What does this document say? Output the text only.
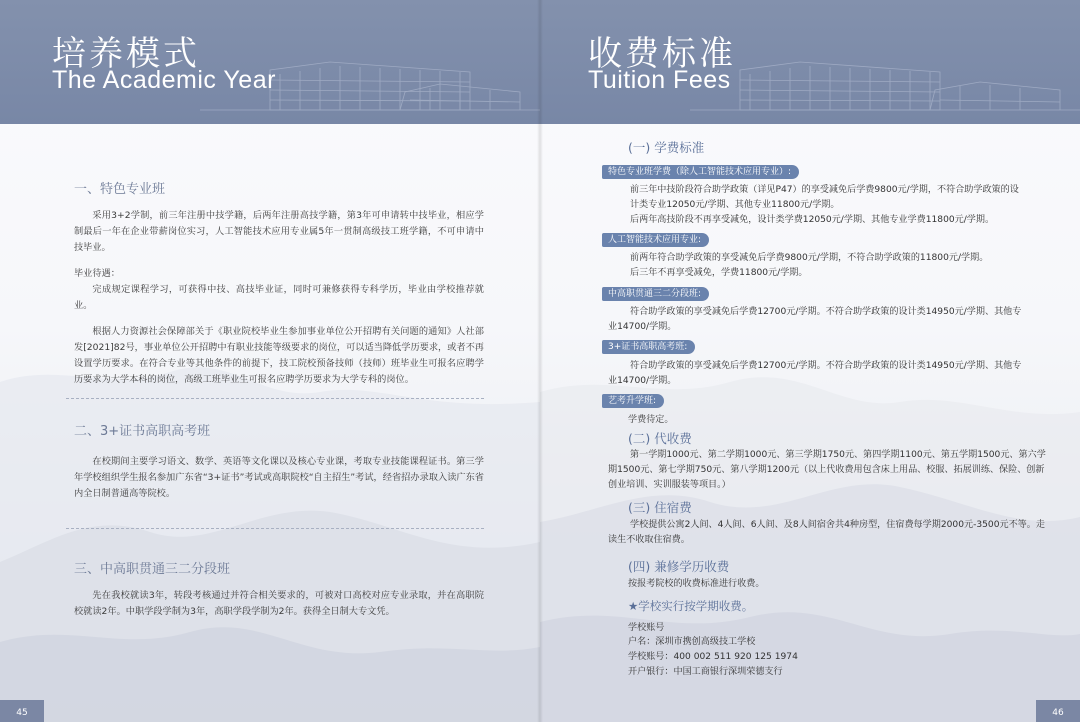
培养模式
The Academic Year
一、特色专业班
采用3+2学制，前三年注册中技学籍，后两年注册高技学籍，第3年可申请转中技毕业，相应学制最后一年在企业带薪岗位实习，人工智能技术应用专业属5年一贯制高级技工班学籍，不可申请中技毕业。
毕业待遇：
完成规定课程学习，可获得中技、高技毕业证，同时可兼修获得专科学历，毕业由学校推荐就业。
根据人力资源社会保障部关于《职业院校毕业生参加事业单位公开招聘有关问题的通知》人社部发[2021]82号，事业单位公开招聘中有职业技能等级要求的岗位，可以适当降低学历要求，或者不再设置学历要求。在符合专业等其他条件的前提下，技工院校预备技师（技师）班毕业生可报名应聘学历要求为大学本科的岗位，高级工班毕业生可报名应聘学历要求为大学专科的岗位。
二、3+证书高职高考班
在校期间主要学习语文、数学、英语等文化课以及核心专业课，考取专业技能课程证书。第三学年学校组织学生报名参加广东省“3+证书”考试或高职院校“自主招生”考试，经省招办录取入读广东省内全日制普通高等院校。
三、中高职贯通三二分段班
先在我校就读3年，转段考核通过并符合相关要求的，可被对口高校对应专业录取，并在高职院校就读2年。中职学段学制为3年，高职学段学制为2年。获得全日制大专文凭。
45
收费标准
Tuition Fees
(一) 学费标准
特色专业班学费（除人工智能技术应用专业）:
前三年中技阶段符合助学政策（详见P47）的享受减免后学费9800元/学期，不符合助学政策的设计类专业12050元/学期、其他专业11800元/学期。
后两年高技阶段不再享受减免，设计类学费12050元/学期、其他专业学费11800元/学期。
人工智能技术应用专业:
前两年符合助学政策的享受减免后学费9800元/学期，不符合助学政策的11800元/学期。
后三年不再享受减免，学费11800元/学期。
中高职贯通三二分段班:
符合助学政策的享受减免后学费12700元/学期。不符合助学政策的设计类14950元/学期、其他专业14700/学期。
3+证书高职高考班:
符合助学政策的享受减免后学费12700元/学期。不符合助学政策的设计类14950元/学期、其他专业14700/学期。
艺考升学班:
学费待定。
(二) 代收费
第一学期1000元、第二学期1000元、第三学期1750元、第四学期1100元、第五学期1500元、第六学期1500元、第七学期750元、第八学期1200元（以上代收费用包含床上用品、校服、拓展训练、保险、创新创业培训、实训服装等项目。）
(三) 住宿费
学校提供公寓2人间、4人间、6人间、及8人间宿舍共4种房型，住宿费每学期2000元-3500元不等。走读生不收取住宿费。
(四) 兼修学历收费
按报考院校的收费标准进行收费。
★学校实行按学期收费。
学校账号
户名：深圳市携创高级技工学校
学校账号：400 002 511 920 125 1974
开户银行：中国工商银行深圳荣德支行
46
